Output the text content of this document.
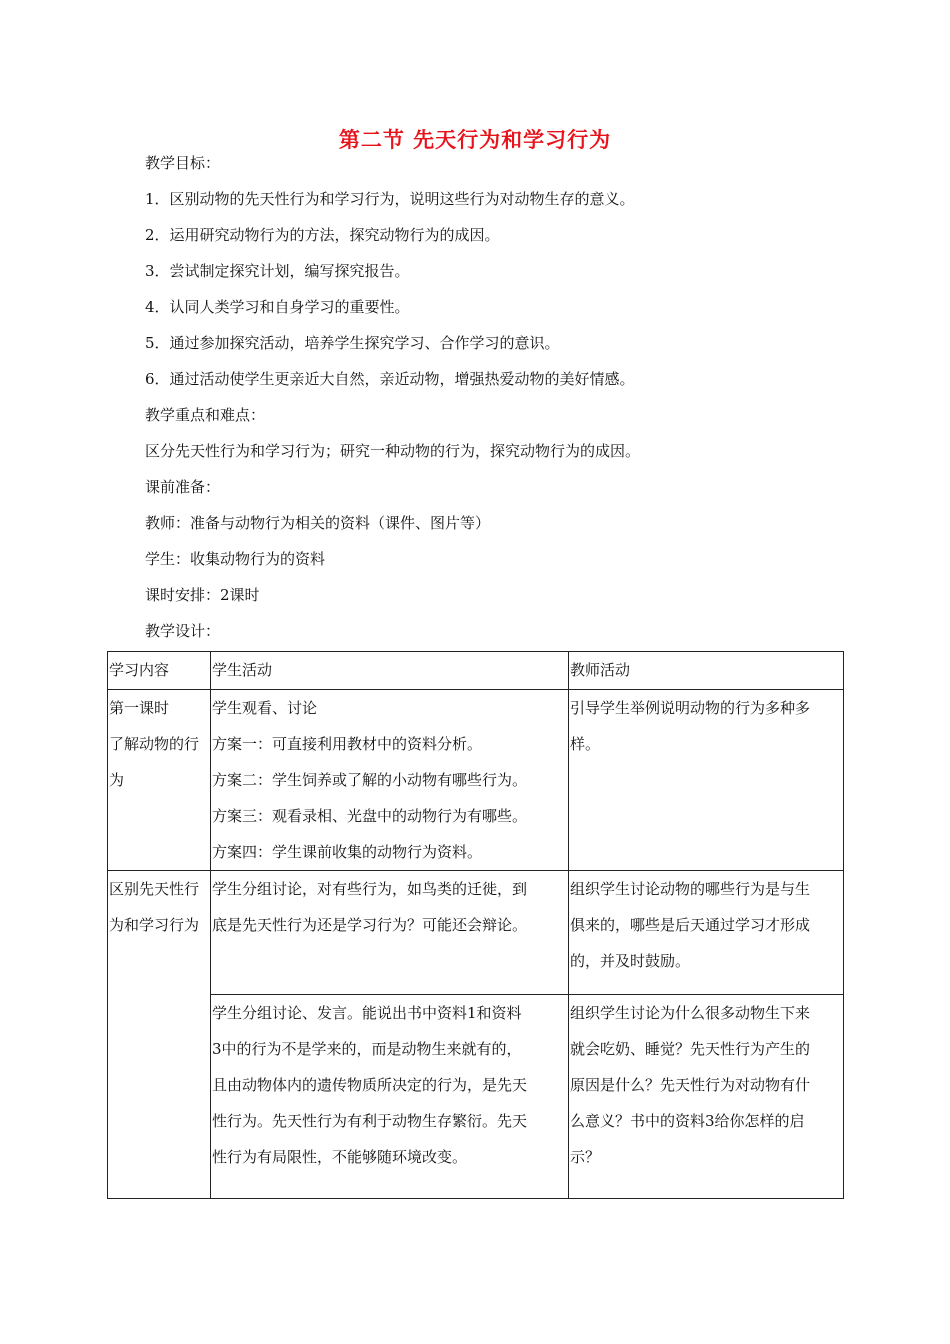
第二节 先天行为和学习行为
教学目标：
1．区别动物的先天性行为和学习行为，说明这些行为对动物生存的意义。
2．运用研究动物行为的方法，探究动物行为的成因。
3．尝试制定探究计划，编写探究报告。
4．认同人类学习和自身学习的重要性。
5．通过参加探究活动，培养学生探究学习、合作学习的意识。
6．通过活动使学生更亲近大自然，亲近动物，增强热爱动物的美好情感。
教学重点和难点：
区分先天性行为和学习行为；研究一种动物的行为，探究动物行为的成因。
课前准备：
教师：准备与动物行为相关的资料（课件、图片等）
学生：收集动物行为的资料
课时安排：2课时
教学设计：
学习内容	学生活动	教师活动

第一课时
了解动物的行
为	学生观看、讨论
方案一：可直接利用教材中的资料分析。
方案二：学生饲养或了解的小动物有哪些行为。
方案三：观看录相、光盘中的动物行为有哪些。
方案四：学生课前收集的动物行为资料。	引导学生举例说明动物的行为多种多
样。

区别先天性行
为和学习行为	学生分组讨论，对有些行为，如鸟类的迁徙，到
底是先天性行为还是学习行为？可能还会辩论。	组织学生讨论动物的哪些行为是与生
俱来的，哪些是后天通过学习才形成
的，并及时鼓励。

	学生分组讨论、发言。能说出书中资料1和资料
3中的行为不是学来的，而是动物生来就有的，
且由动物体内的遗传物质所决定的行为，是先天
性行为。先天性行为有利于动物生存繁衍。先天
性行为有局限性，不能够随环境改变。	组织学生讨论为什么很多动物生下来
就会吃奶、睡觉？先天性行为产生的
原因是什么？先天性行为对动物有什
么意义？书中的资料3给你怎样的启
示？
